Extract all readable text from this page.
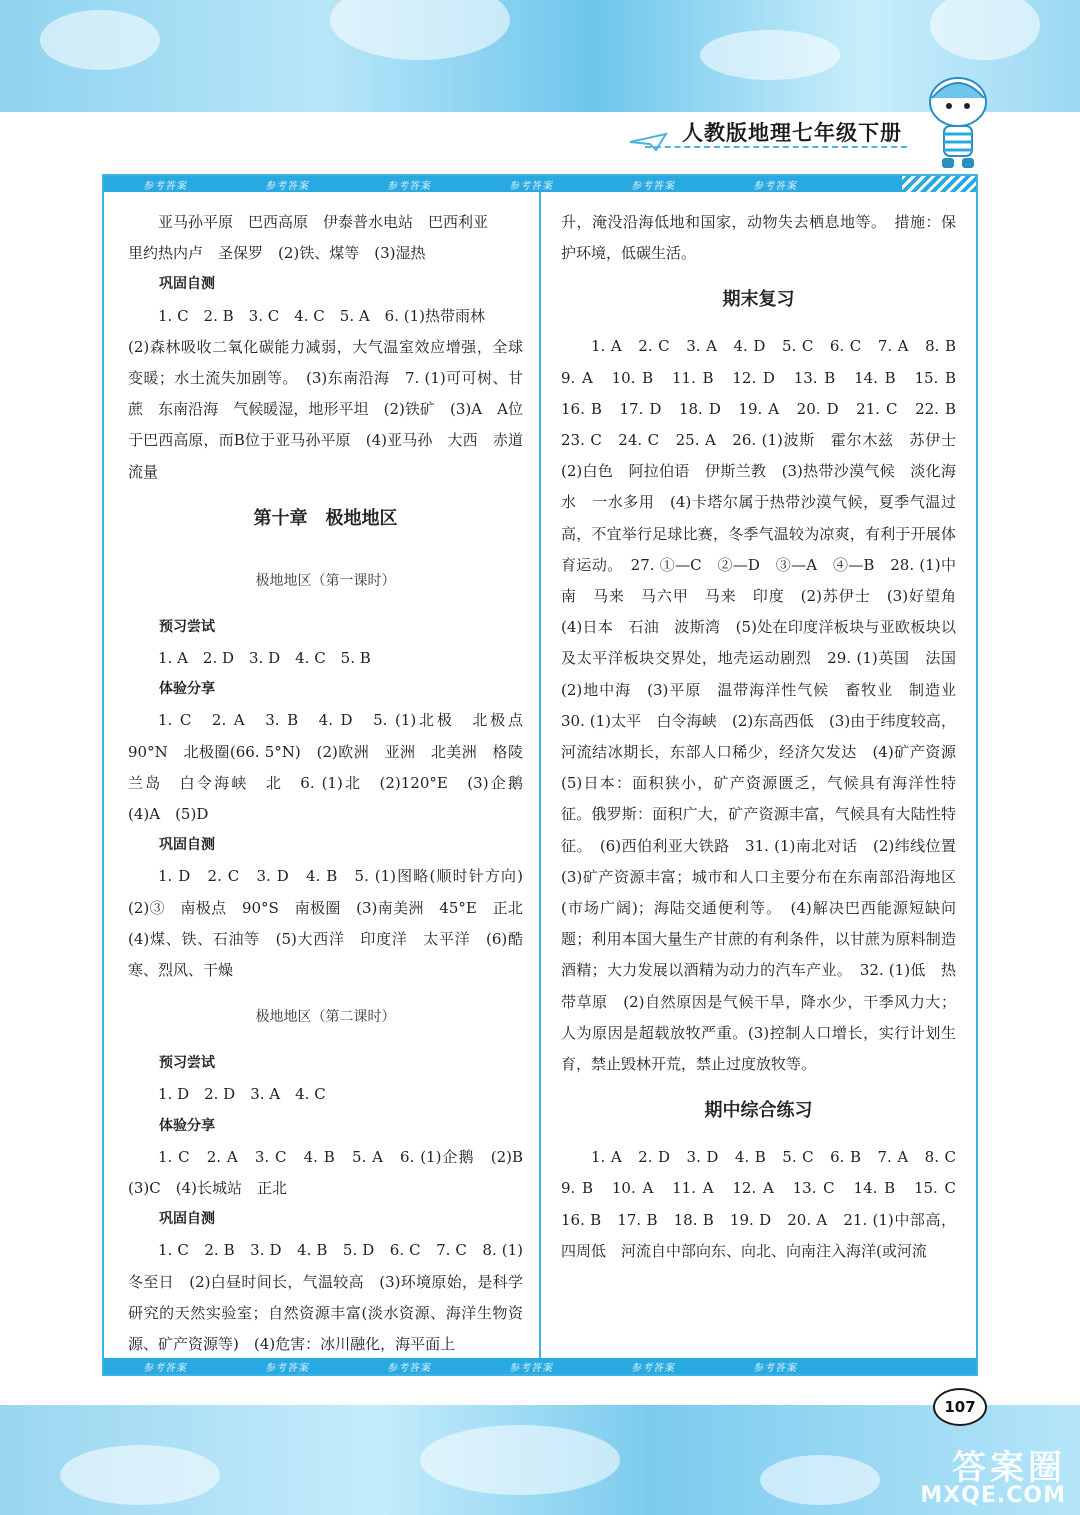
人教版地理七年级下册
参考答案	参考答案	参考答案	参考答案	参考答案	参考答案

亚马孙平原　巴西高原　伊泰普水电站　巴西利亚

里约热内卢　圣保罗　(2)铁、煤等　(3)湿热

巩固自测

1. C　2. B　3. C　4. C　5. A　6. (1)热带雨林

(2)森林吸收二氧化碳能力减弱，大气温室效应增强，全球变暖；水土流失加剧等。　(3)东南沿海　7. (1)可可树、甘蔗　东南沿海　气候暖湿，地形平坦　(2)铁矿　(3)A　A位于巴西高原，而B位于亚马孙平原　(4)亚马孙　大西　赤道　流量

第十章　极地地区

极地地区（第一课时）

预习尝试

1. A　2. D　3. D　4. C　5. B

体验分享

1. C　2. A　3. B　4. D　5. (1)北极　北极点　90°N　北极圈(66. 5°N)　(2)欧洲　亚洲　北美洲　格陵兰岛　白令海峡　北　6. (1)北　(2)120°E　(3)企鹅　(4)A　(5)D

巩固自测

1. D　2. C　3. D　4. B　5. (1)图略(顺时针方向)　(2)③　南极点　90°S　南极圈　(3)南美洲　45°E　正北　(4)煤、铁、石油等　(5)大西洋　印度洋　太平洋　(6)酷寒、烈风、干燥

极地地区（第二课时）

预习尝试

1. D　2. D　3. A　4. C

体验分享

1. C　2. A　3. C　4. B　5. A　6. (1)企鹅　(2)B　(3)C　(4)长城站　正北

巩固自测

1. C　2. B　3. D　4. B　5. D　6. C　7. C　8. (1)冬至日　(2)白昼时间长，气温较高　(3)环境原始，是科学研究的天然实验室；自然资源丰富(淡水资源、海洋生物资源、矿产资源等)　(4)危害：冰川融化，海平面上

升，淹没沿海低地和国家，动物失去栖息地等。　措施：保护环境，低碳生活。

期末复习

1. A　2. C　3. A　4. D　5. C　6. C　7. A　8. B　9. A　10. B　11. B　12. D　13. B　14. B　15. B　16. B　17. D　18. D　19. A　20. D　21. C　22. B　23. C　24. C　25. A　26. (1)波斯　霍尔木兹　苏伊士　(2)白色　阿拉伯语　伊斯兰教　(3)热带沙漠气候　淡化海水　一水多用　(4)卡塔尔属于热带沙漠气候，夏季气温过高，不宜举行足球比赛，冬季气温较为凉爽，有利于开展体育运动。　27. ①—C　②—D　③—A　④—B　28. (1)中南　马来　马六甲　马来　印度　(2)苏伊士　(3)好望角　(4)日本　石油　波斯湾　(5)处在印度洋板块与亚欧板块以及太平洋板块交界处，地壳运动剧烈　29. (1)英国　法国　(2)地中海　(3)平原　温带海洋性气候　畜牧业　制造业　30. (1)太平　白令海峡　(2)东高西低　(3)由于纬度较高，河流结冰期长，东部人口稀少，经济欠发达　(4)矿产资源　(5)日本：面积狭小，矿产资源匮乏，气候具有海洋性特征。俄罗斯：面积广大，矿产资源丰富，气候具有大陆性特征。　(6)西伯利亚大铁路　31. (1)南北对话　(2)纬线位置　(3)矿产资源丰富；城市和人口主要分布在东南部沿海地区(市场广阔)；海陆交通便利等。　(4)解决巴西能源短缺问题；利用本国大量生产甘蔗的有利条件，以甘蔗为原料制造酒精；大力发展以酒精为动力的汽车产业。　32. (1)低　热带草原　(2)自然原因是气候干旱，降水少，干季风力大；人为原因是超载放牧严重。(3)控制人口增长，实行计划生育，禁止毁林开荒，禁止过度放牧等。

期中综合练习

1. A　2. D　3. D　4. B　5. C　6. B　7. A　8. C　9. B　10. A　11. A　12. A　13. C　14. B　15. C　16. B　17. B　18. B　19. D　20. A　21. (1)中部高，四周低　河流自中部向东、向北、向南注入海洋(或河流

参考答案	参考答案	参考答案	参考答案	参考答案	参考答案
答案圈
MXQE.COM
107
